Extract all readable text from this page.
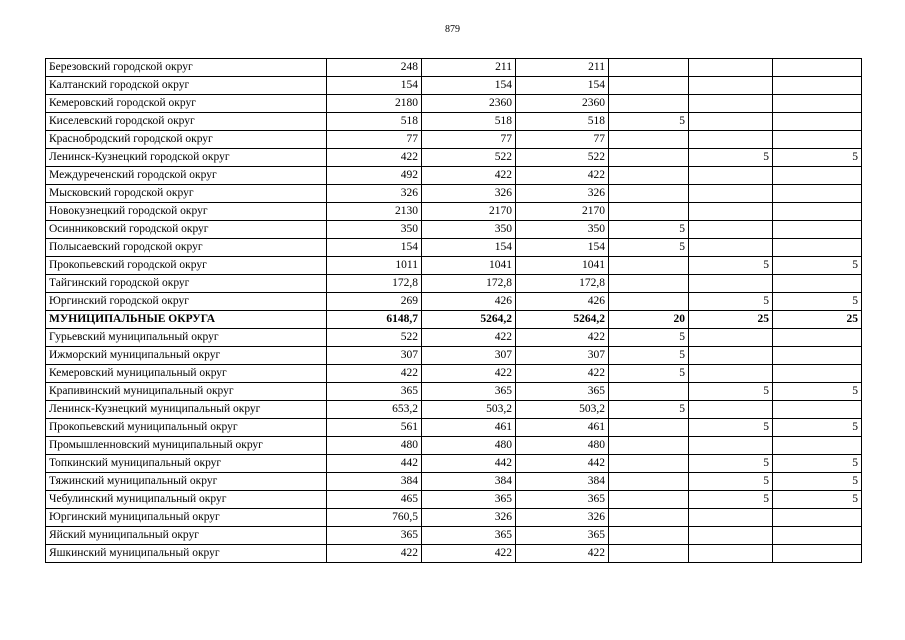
879
Березовский городской округ	248	211	211			
Калтанский городской округ	154	154	154			
Кемеровский городской округ	2180	2360	2360			
Киселевский городской округ	518	518	518	5		
Краснобродский городской округ	77	77	77			
Ленинск-Кузнецкий городской округ	422	522	522		5	5
Междуреченский городской округ	492	422	422			
Мысковский городской округ	326	326	326			
Новокузнецкий городской округ	2130	2170	2170			
Осинниковский городской округ	350	350	350	5		
Полысаевский городской округ	154	154	154	5		
Прокопьевский городской округ	1011	1041	1041		5	5
Тайгинский городской округ	172,8	172,8	172,8			
Юргинский городской округ	269	426	426		5	5
МУНИЦИПАЛЬНЫЕ ОКРУГА	6148,7	5264,2	5264,2	20	25	25
Гурьевский муниципальный округ	522	422	422	5		
Ижморский муниципальный округ	307	307	307	5		
Кемеровский муниципальный округ	422	422	422	5		
Крапивинский муниципальный округ	365	365	365		5	5
Ленинск-Кузнецкий муниципальный округ	653,2	503,2	503,2	5		
Прокопьевский муниципальный округ	561	461	461		5	5
Промышленновский муниципальный округ	480	480	480			
Топкинский муниципальный округ	442	442	442		5	5
Тяжинский муниципальный округ	384	384	384		5	5
Чебулинский муниципальный округ	465	365	365		5	5
Юргинский муниципальный округ	760,5	326	326			
Яйский муниципальный округ	365	365	365			
Яшкинский муниципальный округ	422	422	422			
